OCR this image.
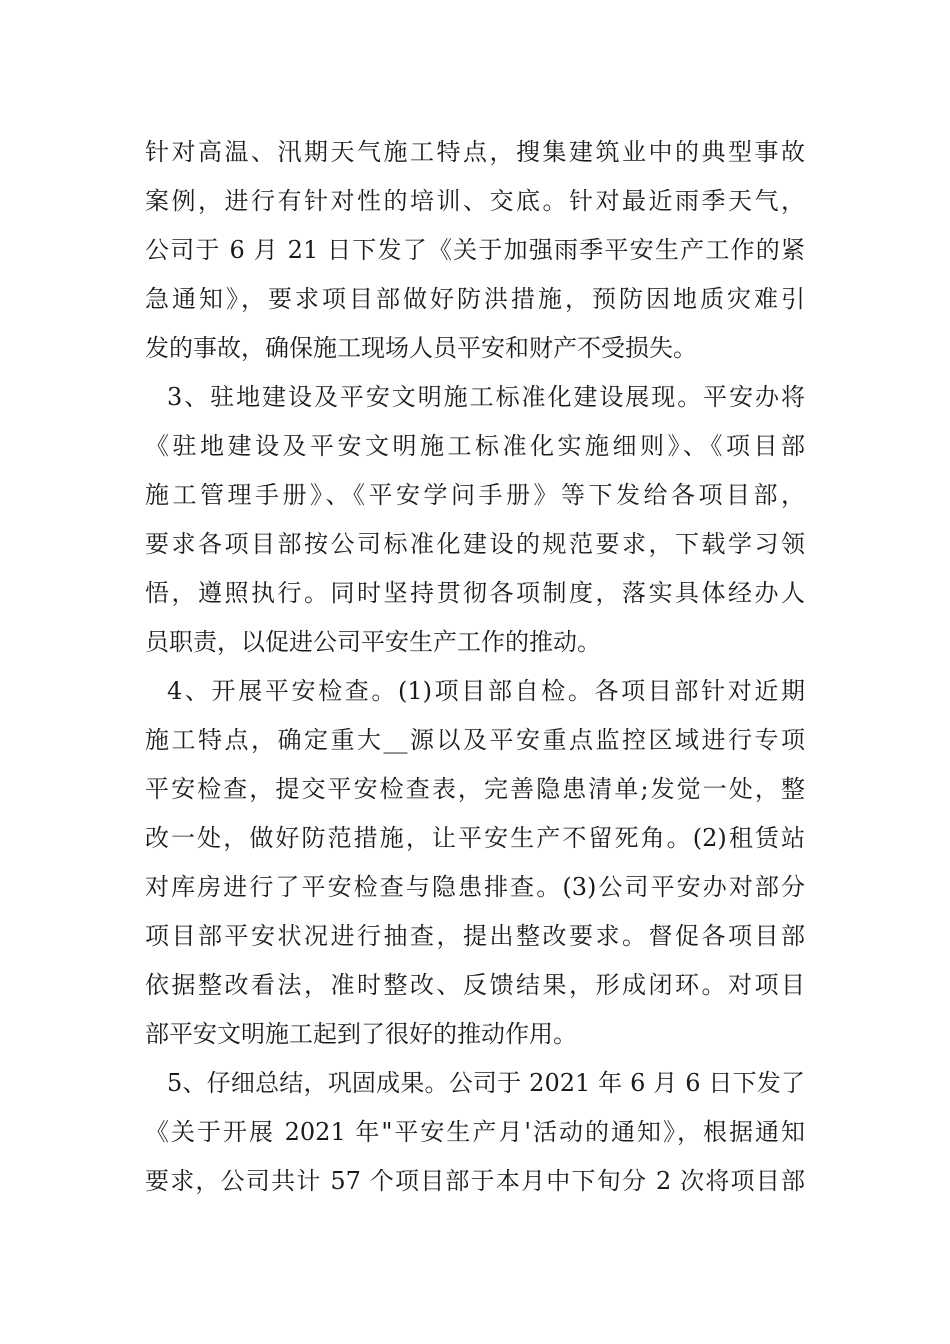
针对高温、汛期天气施工特点，搜集建筑业中的典型事故
案例，进行有针对性的培训、交底。针对最近雨季天气，
公司于 6 月 21 日下发了《关于加强雨季平安生产工作的紧
急通知》，要求项目部做好防洪措施，预防因地质灾难引
发的事故，确保施工现场人员平安和财产不受损失。
3、驻地建设及平安文明施工标准化建设展现。平安办将
《驻地建设及平安文明施工标准化实施细则》、《项目部
施工管理手册》、《平安学问手册》等下发给各项目部，
要求各项目部按公司标准化建设的规范要求，下载学习领
悟，遵照执行。同时坚持贯彻各项制度，落实具体经办人
员职责，以促进公司平安生产工作的推动。
4、开展平安检查。(1)项目部自检。各项目部针对近期
施工特点，确定重大__源以及平安重点监控区域进行专项
平安检查，提交平安检查表，完善隐患清单;发觉一处，整
改一处，做好防范措施，让平安生产不留死角。(2)租赁站
对库房进行了平安检查与隐患排查。(3)公司平安办对部分
项目部平安状况进行抽查，提出整改要求。督促各项目部
依据整改看法，准时整改、反馈结果，形成闭环。对项目
部平安文明施工起到了很好的推动作用。
5、仔细总结，巩固成果。公司于 2021 年 6 月 6 日下发了
《关于开展 2021 年"平安生产月'活动的通知》，根据通知
要求，公司共计 57 个项目部于本月中下旬分 2 次将项目部
